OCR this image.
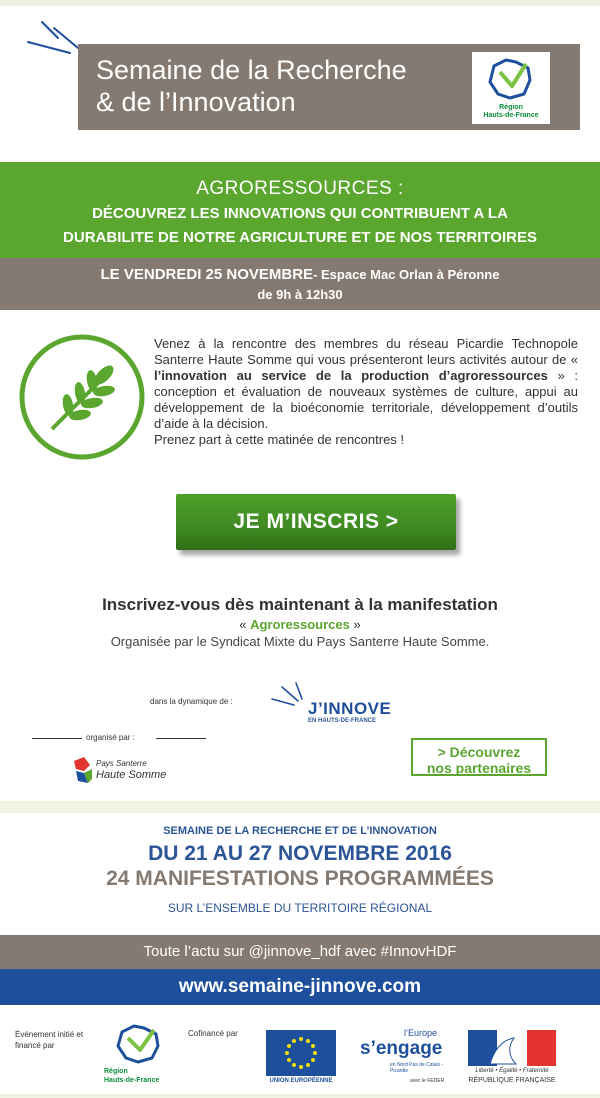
Semaine de la Recherche
& de l’Innovation	Région
Hauts-de-France
AGRORESSOURCES :
DÉCOUVREZ LES INNOVATIONS QUI CONTRIBUENT A LA
DURABILITE DE NOTRE AGRICULTURE ET DE NOS TERRITOIRES
LE VENDREDI 25 NOVEMBRE- Espace Mac Orlan à Péronne
de 9h à 12h30
Venez à la rencontre des membres du réseau Picardie Technopole Santerre Haute Somme qui vous présenteront leurs activités autour de « l’innovation au service de la production d’agroressources » : conception et évaluation de nouveaux systèmes de culture, appui au développement de la bioéconomie territoriale, développement d’outils d’aide à la décision.
Prenez part à cette matinée de rencontres !
JE M’INSCRIS >
Inscrivez-vous dès maintenant à la manifestation
« Agroressources »
Organisée par le Syndicat Mixte du Pays Santerre Haute Somme.
dans la dynamique de :	J’INNOVE
EN HAUTS-DE-FRANCE
organisé par :
Pays Santerre
Haute Somme
> Découvrez
nos partenaires
SEMAINE DE LA RECHERCHE ET DE L’INNOVATION
DU 21 AU 27 NOVEMBRE 2016
24 MANIFESTATIONS PROGRAMMÉES
SUR L’ENSEMBLE DU TERRITOIRE RÉGIONAL
Toute l’actu sur @jinnove_hdf avec #InnovHDF
www.semaine-jinnove.com
Événement initié et financé par
Région
Hauts-de-France
Cofinancé par
UNION EUROPÉENNE
l’Europe
s’engage
en Nord Pas de Calais - Picardie
avec le FEDER
Liberté • Égalité • Fraternité
RÉPUBLIQUE FRANÇAISE
